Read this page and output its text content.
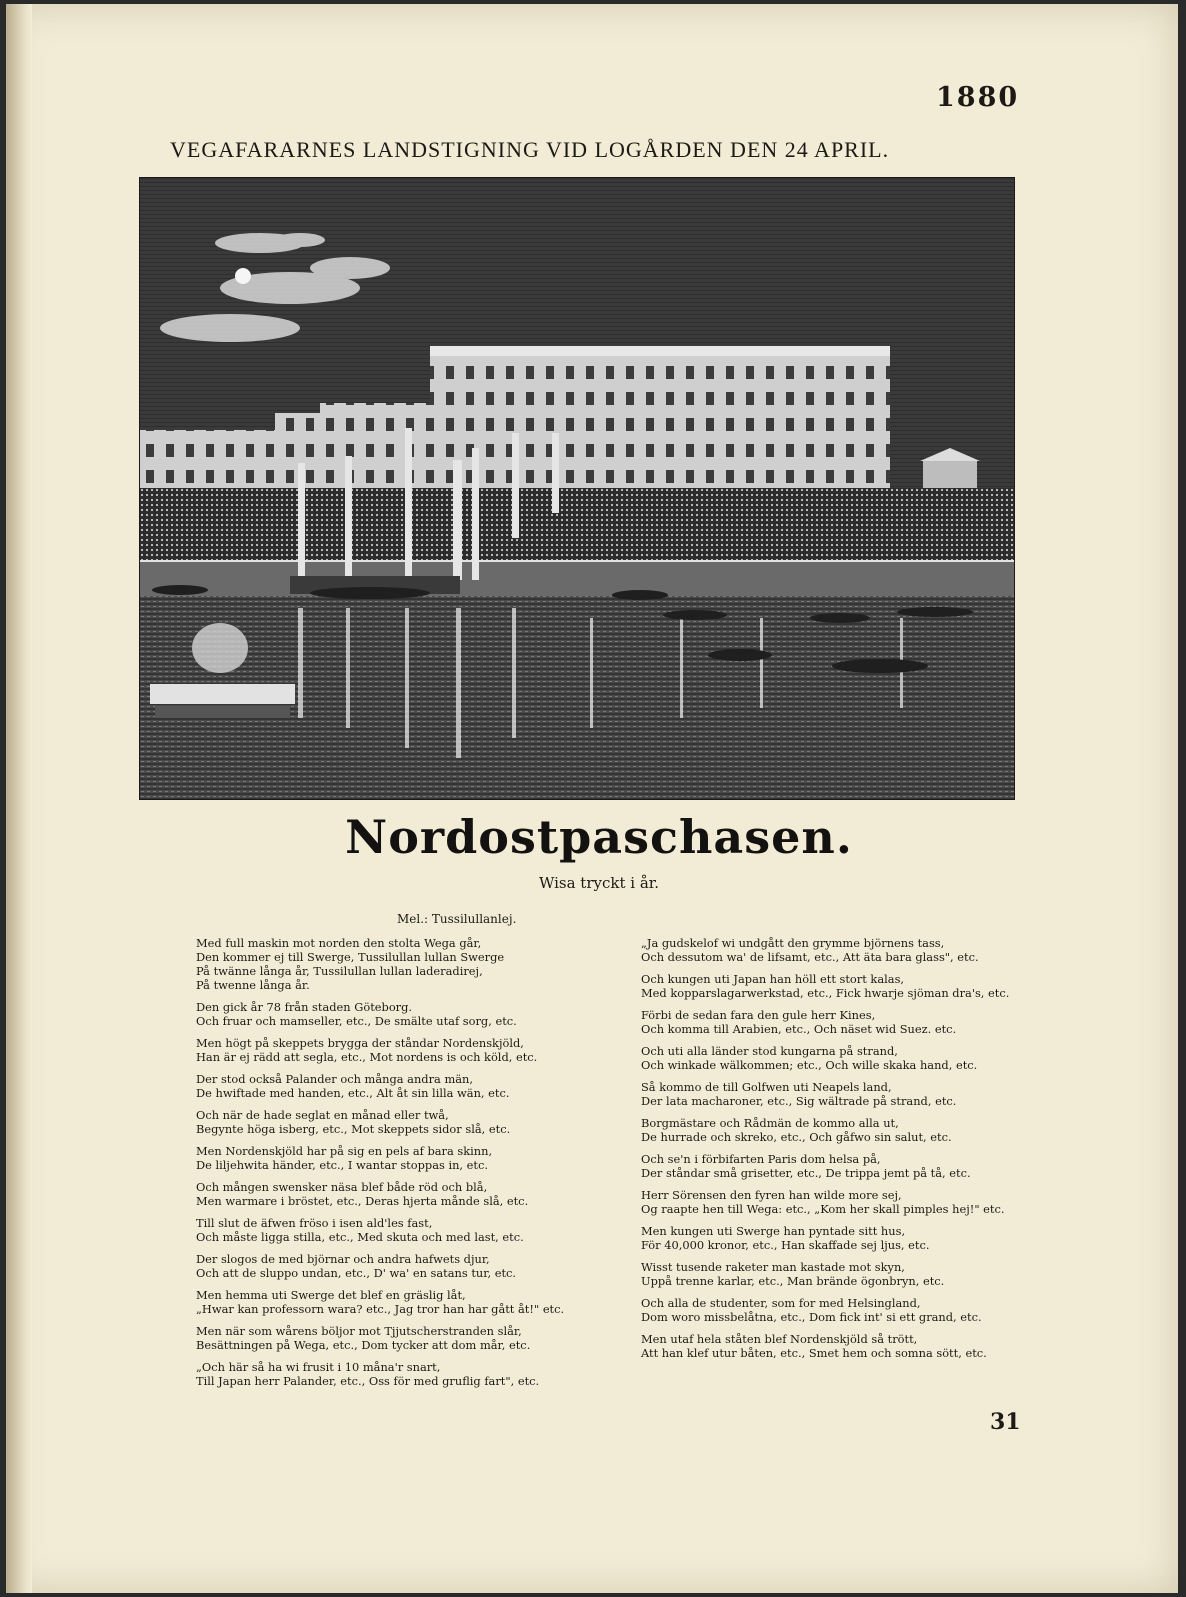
1880
VEGAFARARNES LANDSTIGNING VID LOGÅRDEN DEN 24 APRIL.
Nordostpaschasen.
Wisa tryckt i år.
Mel.: Tussilullanlej.
Med full maskin mot norden den stolta Wega går,
Den kommer ej till Swerge, Tussilullan lullan Swerge
På twänne långa år, Tussilullan lullan laderadirej,
På twenne långa år.
Den gick år 78 från staden Göteborg.
Och fruar och mamseller, etc., De smälte utaf sorg, etc.
Men högt på skeppets brygga der ståndar Nordenskjöld,
Han är ej rädd att segla, etc., Mot nordens is och köld, etc.
Der stod också Palander och många andra män,
De hwiftade med handen, etc., Alt åt sin lilla wän, etc.
Och när de hade seglat en månad eller twå,
Begynte höga isberg, etc., Mot skeppets sidor slå, etc.
Men Nordenskjöld har på sig en pels af bara skinn,
De liljehwita händer, etc., I wantar stoppas in, etc.
Och mången swensker näsa blef både röd och blå,
Men warmare i bröstet, etc., Deras hjerta månde slå, etc.
Till slut de äfwen fröso i isen ald'les fast,
Och måste ligga stilla, etc., Med skuta och med last, etc.
Der slogos de med björnar och andra hafwets djur,
Och att de sluppo undan, etc., D' wa' en satans tur, etc.
Men hemma uti Swerge det blef en gräslig låt,
„Hwar kan professorn wara? etc., Jag tror han har gått åt!" etc.
Men när som wårens böljor mot Tjjutscherstranden slår,
Besättningen på Wega, etc., Dom tycker att dom mår, etc.
„Och här så ha wi frusit i 10 måna'r snart,
Till Japan herr Palander, etc., Oss för med gruflig fart", etc.
„Ja gudskelof wi undgått den grymme björnens tass,
Och dessutom wa' de lifsamt, etc., Att äta bara glass", etc.
Och kungen uti Japan han höll ett stort kalas,
Med kopparslagarwerkstad, etc., Fick hwarje sjöman dra's, etc.
Förbi de sedan fara den gule herr Kines,
Och komma till Arabien, etc., Och näset wid Suez. etc.
Och uti alla länder stod kungarna på strand,
Och winkade wälkommen; etc., Och wille skaka hand, etc.
Så kommo de till Golfwen uti Neapels land,
Der lata macharoner, etc., Sig wältrade på strand, etc.
Borgmästare och Rådmän de kommo alla ut,
De hurrade och skreko, etc., Och gåfwo sin salut, etc.
Och se'n i förbifarten Paris dom helsa på,
Der ståndar små grisetter, etc., De trippa jemt på tå, etc.
Herr Sörensen den fyren han wilde more sej,
Og raapte hen till Wega: etc., „Kom her skall pimples hej!" etc.
Men kungen uti Swerge han pyntade sitt hus,
För 40,000 kronor, etc., Han skaffade sej ljus, etc.
Wisst tusende raketer man kastade mot skyn,
Uppå trenne karlar, etc., Man brände ögonbryn, etc.
Och alla de studenter, som for med Helsingland,
Dom woro missbelåtna, etc., Dom fick int' si ett grand, etc.
Men utaf hela ståten blef Nordenskjöld så trött,
Att han klef utur båten, etc., Smet hem och somna sött, etc.
31
